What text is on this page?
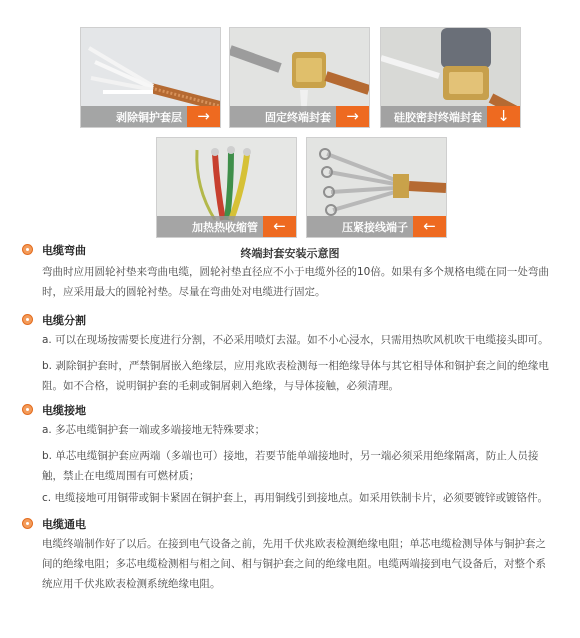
剥除铜护套层	→	固定终端封套	→	硅胶密封终端封套	↓
加热热收缩管	←	压紧接线端子	←
终端封套安装示意图
电缆弯曲
弯曲时应用圆轮衬垫来弯曲电缆，圆轮衬垫直径应不小于电缆外径的10倍。如果有多个规格电缆在同一处弯曲时，应采用最大的圆轮衬垫。尽量在弯曲处对电缆进行固定。
电缆分割
a. 可以在现场按需要长度进行分割，不必采用喷灯去湿。如不小心浸水，只需用热吹风机吹干电缆接头即可。
b. 剥除铜护套时，严禁铜屑嵌入绝缘层，应用兆欧表检测每一相绝缘导体与其它相导体和铜护套之间的绝缘电阻。如不合格，说明铜护套的毛刺或铜屑刺入绝缘，与导体接触，必须清理。
电缆接地
a. 多芯电缆铜护套一端或多端接地无特殊要求；
b. 单芯电缆铜护套应两端（多端也可）接地，若要节能单端接地时，另一端必须采用绝缘隔离，防止人员接触，禁止在电缆周围有可燃材质；
c. 电缆接地可用铜带或铜卡紧固在铜护套上，再用铜线引到接地点。如采用铁制卡片，必须要镀锌或镀铬件。
电缆通电
电缆终端制作好了以后。在接到电气设备之前，先用千伏兆欧表检测绝缘电阻；单芯电缆检测导体与铜护套之间的绝缘电阻；多芯电缆检测相与相之间、相与铜护套之间的绝缘电阻。电缆两端接到电气设备后，对整个系统应用千伏兆欧表检测系统绝缘电阻。
